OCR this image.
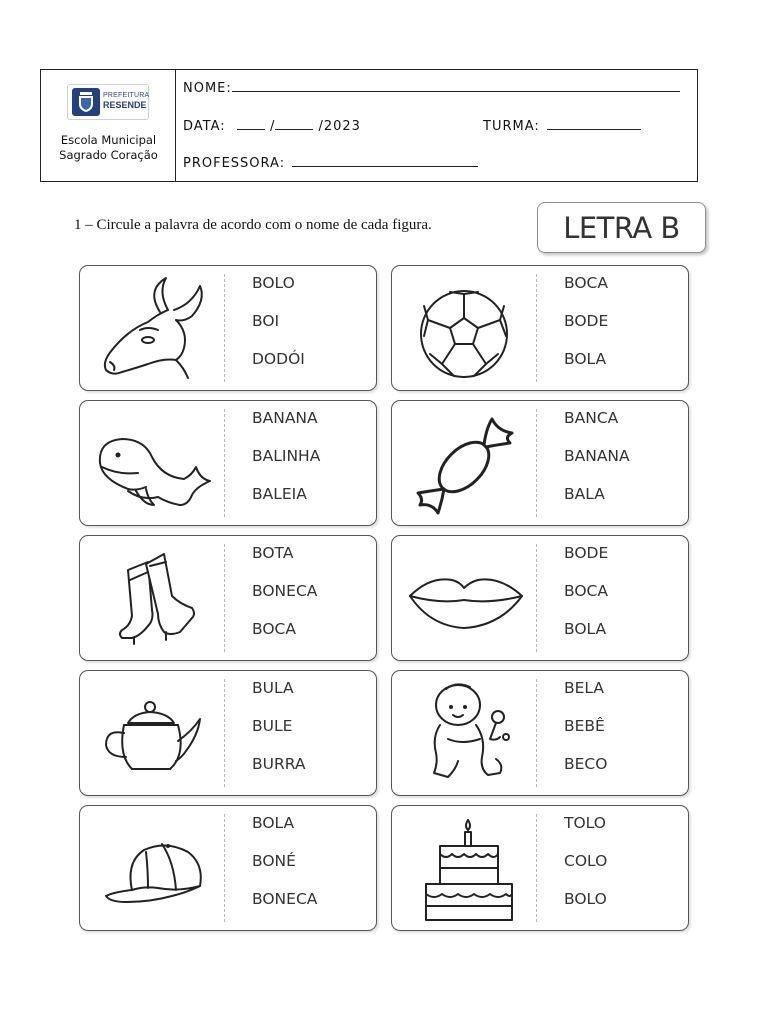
PREFEITURA
RESENDE
Escola Municipal
Sagrado Coração
NOME:
DATA:	/	/2023	TURMA:
PROFESSORA:
1 – Circule a palavra de acordo com o nome de cada figura.	LETRA B
BOLO
BOI
DODÓI
BOCA
BODE
BOLA
BANANA
BALINHA
BALEIA
BANCA
BANANA
BALA
BOTA
BONECA
BOCA
BODE
BOCA
BOLA
BULA
BULE
BURRA
BELA
BEBÊ
BECO
BOLA
BONÉ
BONECA
TOLO
COLO
BOLO
